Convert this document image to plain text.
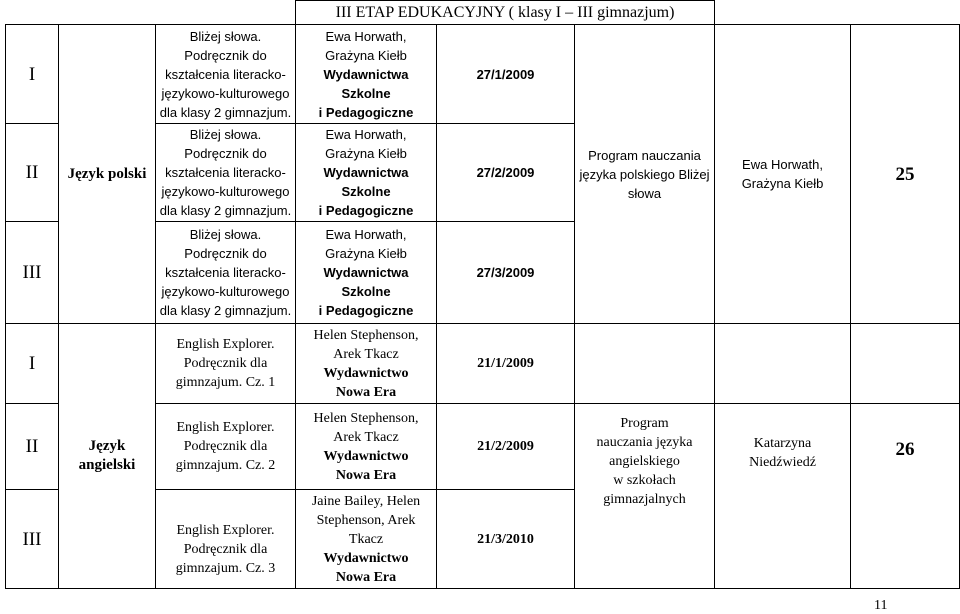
			III ETAP EDUKACYJNY ( klasy I – III gimnazjum)				
I	Język polski	Bliżej słowa.
Podręcznik do
kształcenia literacko-
językowo-kulturowego
dla klasy 2 gimnazjum.	Ewa Horwath,
Grażyna Kiełb
Wydawnictwa
Szkolne
i Pedagogiczne	27/1/2009	Program nauczania języka polskiego Bliżej słowa	Ewa Horwath, Grażyna Kiełb	25
II		Bliżej słowa.
Podręcznik do
kształcenia literacko-
językowo-kulturowego
dla klasy 2 gimnazjum.	Ewa Horwath,
Grażyna Kiełb
Wydawnictwa
Szkolne
i Pedagogiczne	27/2/2009			
III		Bliżej słowa.
Podręcznik do
kształcenia literacko-
językowo-kulturowego
dla klasy 2 gimnazjum.	Ewa Horwath,
Grażyna Kiełb
Wydawnictwa
Szkolne
i Pedagogiczne	27/3/2009			
I	Język angielski	English Explorer.
Podręcznik dla
gimnzajum. Cz. 1	Helen Stephenson,
Arek Tkacz
Wydawnictwo
Nowa Era	21/1/2009			
II		English Explorer.
Podręcznik dla
gimnzajum. Cz. 2	Helen Stephenson,
Arek Tkacz
Wydawnictwo
Nowa Era	21/2/2009	Program
nauczania języka
angielskiego
w szkołach
gimnazjalnych	Katarzyna
Niedźwiedź	26
III		English Explorer.
Podręcznik dla
gimnzajum. Cz. 3	Jaine Bailey, Helen
Stephenson, Arek
Tkacz
Wydawnictwo
Nowa Era	21/3/2010			
11
